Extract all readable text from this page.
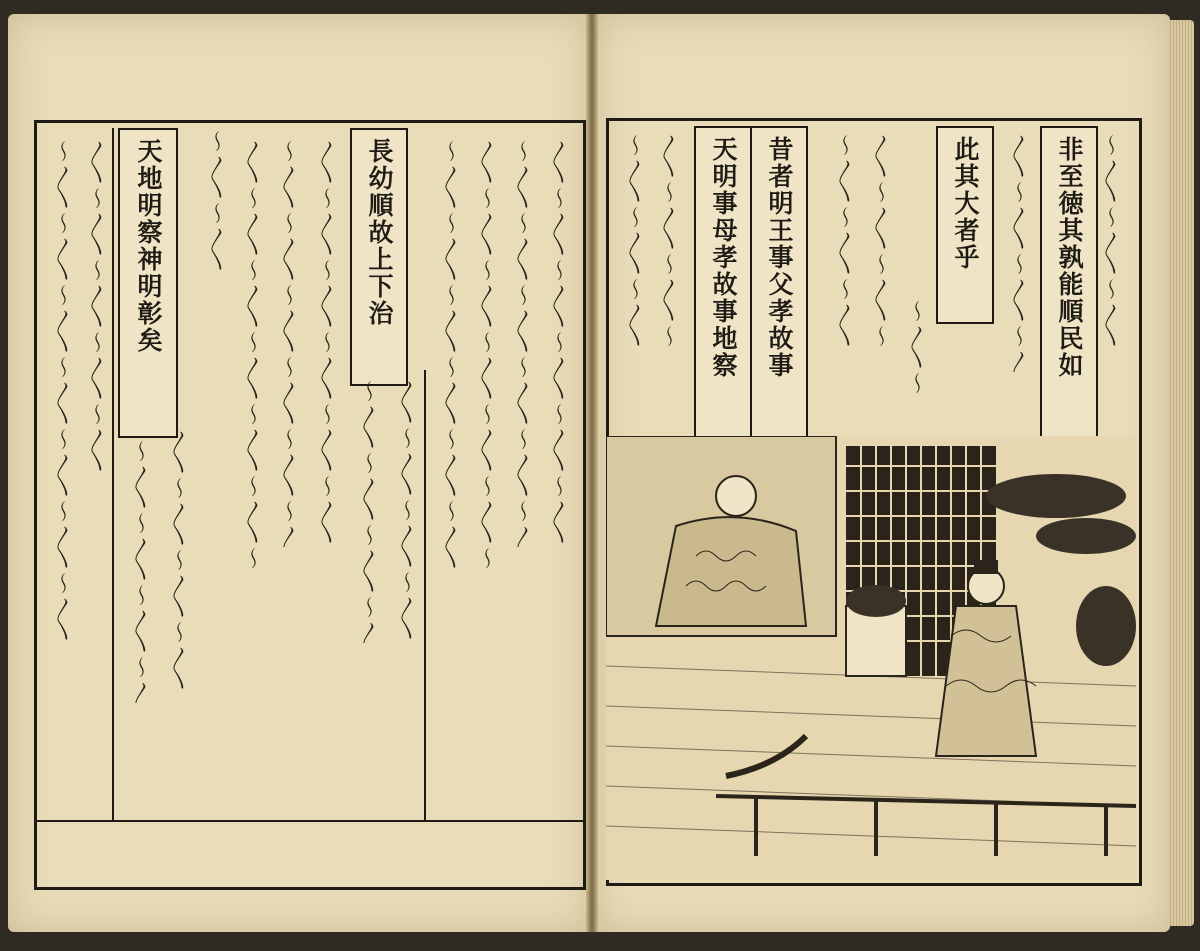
天地明察神明彰矣	長幼順故上下治
〜〳〵〜〳〵〜〳〵〜〳〵〜〳〵〜〳〵〜〳〵 〳〵〜〳〵〜〳〵〜〳〵〜〳〵
〜〳〵〜〳〵〜〳〵〜〳 〳〵〜〳〵〜〳〵〜〳〵
〜〳〵〜〳〵 〳〵〜〳〵〜〳〵〜〳〵〜〳〵〜〳〵〜 〜〳〵〜〳〵〜〳〵〜〳〵〜〳〵〜〳 〳〵〜〳〵〜〳〵〜〳〵〜〳〵〜〳〵 〜〳〵〜〳〵〜〳〵〜〳 〳〵〜〳〵〜〳〵〜〳〵 〜〳〵〜〳〵〜〳〵〜〳〵〜〳〵〜〳〵 〳〵〜〳〵〜〳〵〜〳〵〜〳〵〜〳〵〜 〜〳〵〜〳〵〜〳〵〜〳〵〜〳〵〜〳 〳〵〜〳〵〜〳〵〜〳〵〜〳〵〜〳〵	非至徳其孰能順民如
此其大者乎
昔者明王事父孝故事
天明事母孝故事地察	〜〳〵〜〳〵〜〳〵
〳〵〜〳〵〜〳〵〜〳
〜〳〵〜
〳〵〜〳〵〜〳〵〜
〜〳〵〜〳〵〜〳〵
〳〵〜〳〵〜〳〵〜
〜〳〵〜〳〵〜〳〵
